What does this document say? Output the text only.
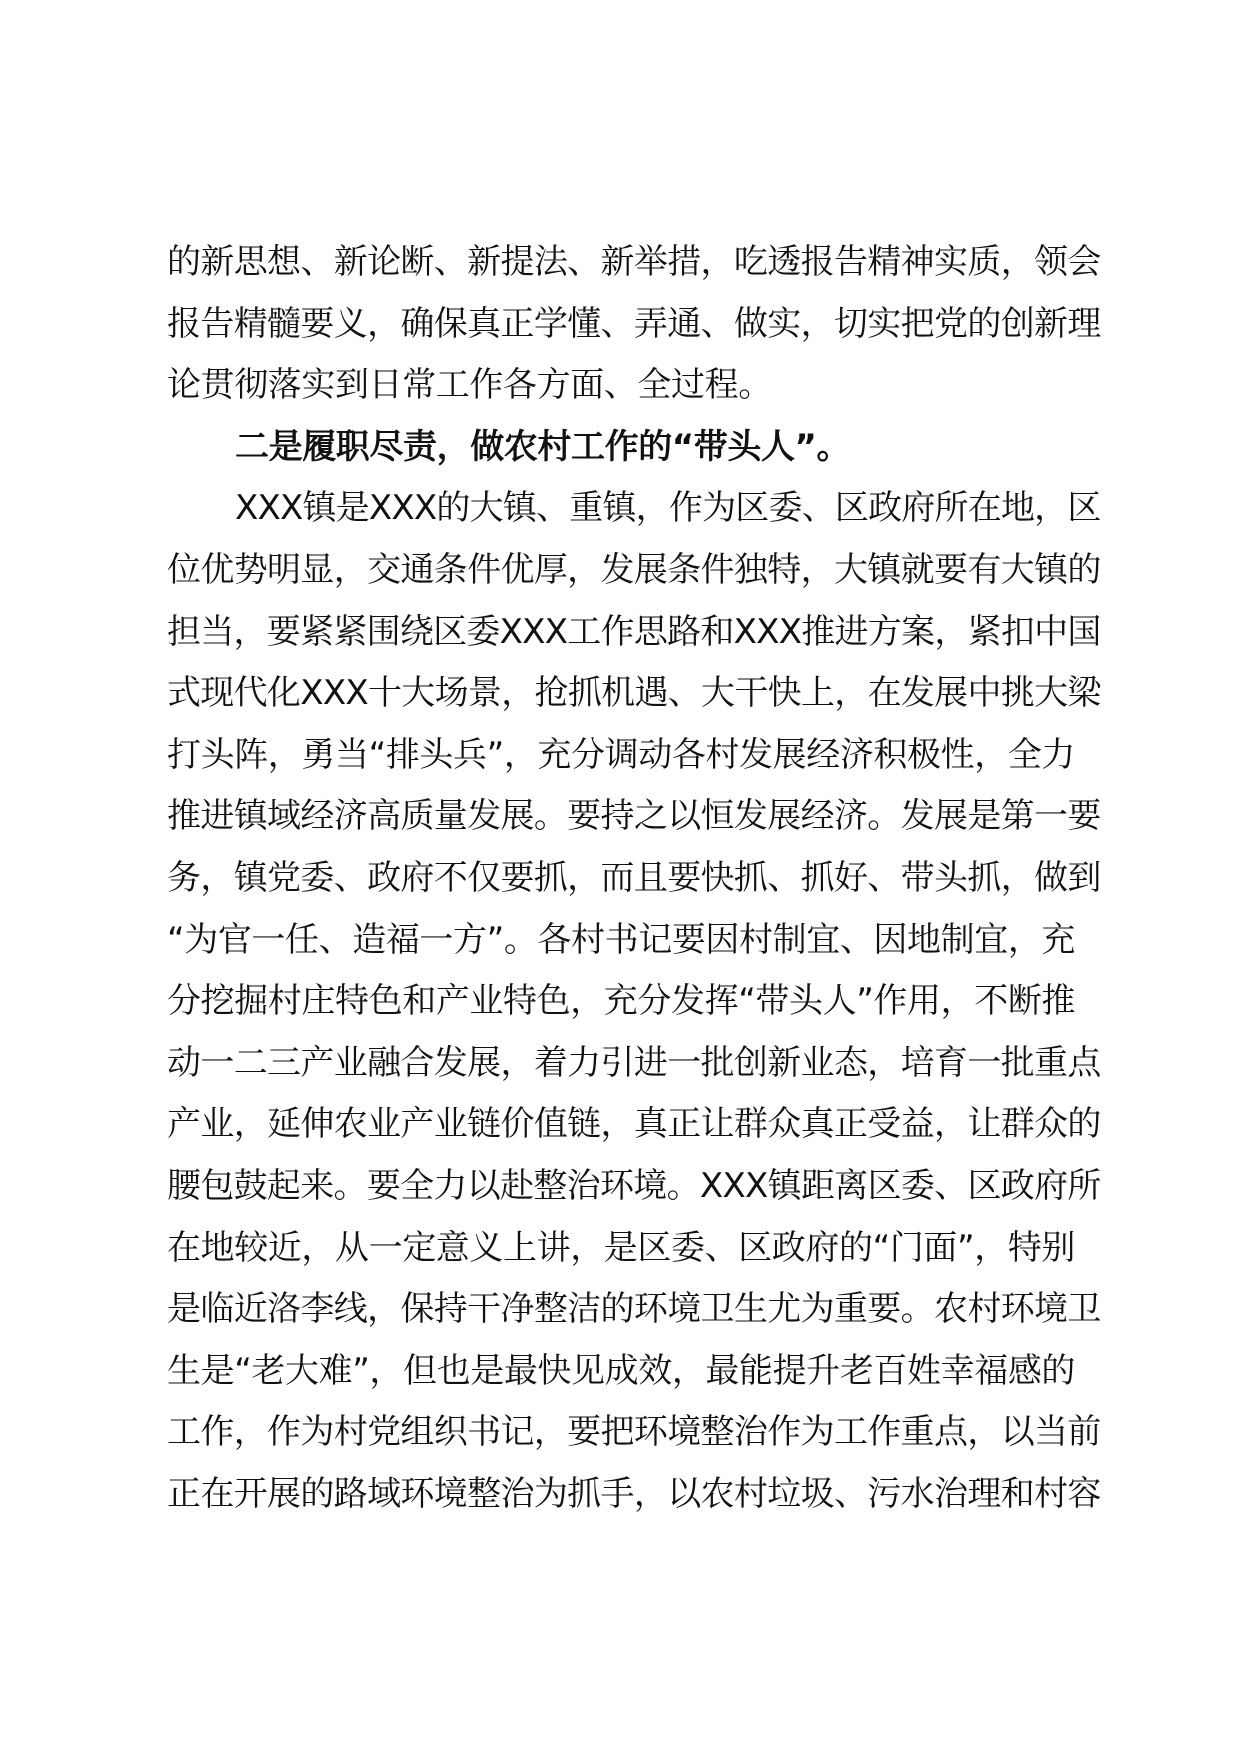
的新思想、新论断、新提法、新举措，吃透报告精神实质，领会
报告精髓要义，确保真正学懂、弄通、做实，切实把党的创新理
论贯彻落实到日常工作各方面、全过程。
二是履职尽责，做农村工作的“带头人”。
XXX镇是XXX的大镇、重镇，作为区委、区政府所在地，区
位优势明显，交通条件优厚，发展条件独特，大镇就要有大镇的
担当，要紧紧围绕区委XXX工作思路和XXX推进方案，紧扣中国
式现代化XXX十大场景，抢抓机遇、大干快上，在发展中挑大梁
打头阵，勇当“排头兵”，充分调动各村发展经济积极性，全力
推进镇域经济高质量发展。要持之以恒发展经济。发展是第一要
务，镇党委、政府不仅要抓，而且要快抓、抓好、带头抓，做到
“为官一任、造福一方”。各村书记要因村制宜、因地制宜，充
分挖掘村庄特色和产业特色，充分发挥“带头人”作用，不断推
动一二三产业融合发展，着力引进一批创新业态，培育一批重点
产业，延伸农业产业链价值链，真正让群众真正受益，让群众的
腰包鼓起来。要全力以赴整治环境。XXX镇距离区委、区政府所
在地较近，从一定意义上讲，是区委、区政府的“门面”，特别
是临近洛李线，保持干净整洁的环境卫生尤为重要。农村环境卫
生是“老大难”，但也是最快见成效，最能提升老百姓幸福感的
工作，作为村党组织书记，要把环境整治作为工作重点，以当前
正在开展的路域环境整治为抓手，以农村垃圾、污水治理和村容
